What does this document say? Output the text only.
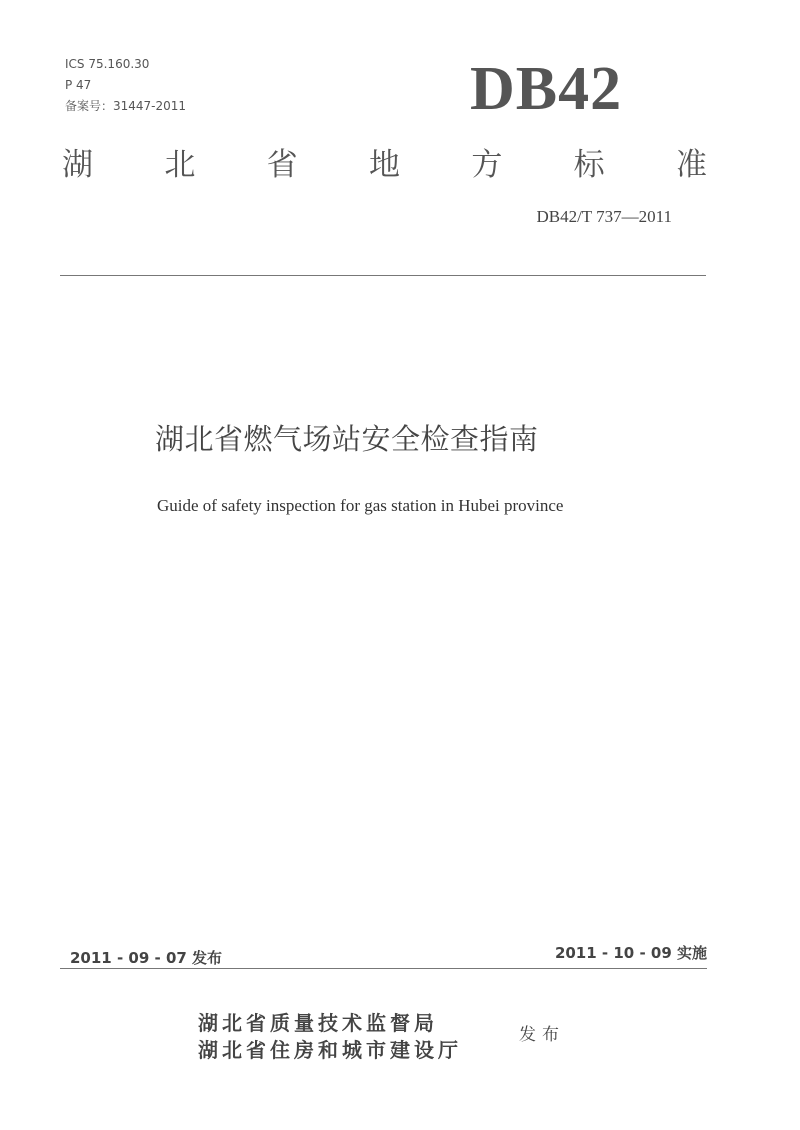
ICS 75.160.30
P 47
备案号：31447-2011	DB42
湖 北 省 地 方 标 准
DB42/T 737—2011
湖北省燃气场站安全检查指南
Guide of safety inspection for gas station in Hubei province
2011 - 09 - 07 发布	2011 - 10 - 09 实施
湖北省质量技术监督局
湖北省住房和城市建设厅
发布
